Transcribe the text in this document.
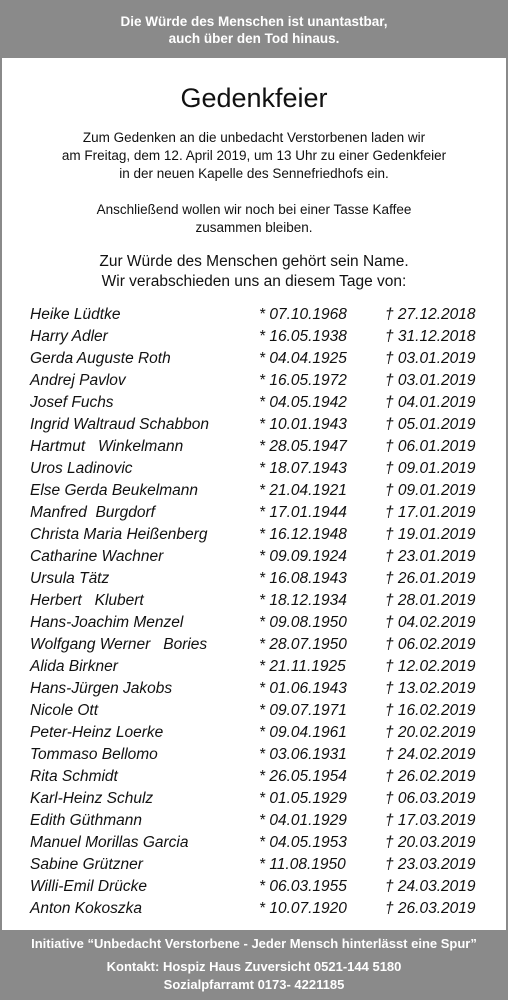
Die Würde des Menschen ist unantastbar,
auch über den Tod hinaus.
Gedenkfeier
Zum Gedenken an die unbedacht Verstorbenen laden wir
am Freitag, dem 12. April 2019, um 13 Uhr zu einer Gedenkfeier
in der neuen Kapelle des Sennefriedhofs ein.
Anschließend wollen wir noch bei einer Tasse Kaffee
zusammen bleiben.
Zur Würde des Menschen gehört sein Name.
Wir verabschieden uns an diesem Tage von:
Heike Lüdtke	* 07.10.1968 † 27.12.2018
Harry Adler	* 16.05.1938 † 31.12.2018
Gerda Auguste Roth	* 04.04.1925 † 03.01.2019
Andrej Pavlov	* 16.05.1972 † 03.01.2019
Josef Fuchs	* 04.05.1942 † 04.01.2019
Ingrid Waltraud Schabbon	* 10.01.1943 † 05.01.2019
Hartmut   Winkelmann	* 28.05.1947 † 06.01.2019
Uros Ladinovic	* 18.07.1943 † 09.01.2019
Else Gerda Beukelmann	* 21.04.1921 † 09.01.2019
Manfred  Burgdorf	* 17.01.1944 † 17.01.2019
Christa Maria Heißenberg	* 16.12.1948 † 19.01.2019
Catharine Wachner	* 09.09.1924 † 23.01.2019
Ursula Tätz	* 16.08.1943 † 26.01.2019
Herbert   Klubert	* 18.12.1934 † 28.01.2019
Hans-Joachim Menzel	* 09.08.1950 † 04.02.2019
Wolfgang Werner   Bories	* 28.07.1950 † 06.02.2019
Alida Birkner	* 21.11.1925	† 12.02.2019
Hans-Jürgen Jakobs	* 01.06.1943 † 13.02.2019
Nicole Ott	* 09.07.1971 † 16.02.2019
Peter-Heinz Loerke	* 09.04.1961 † 20.02.2019
Tommaso Bellomo	* 03.06.1931 † 24.02.2019
Rita Schmidt	* 26.05.1954 † 26.02.2019
Karl-Heinz Schulz	* 01.05.1929 † 06.03.2019
Edith Güthmann	* 04.01.1929 † 17.03.2019
Manuel Morillas Garcia	* 04.05.1953 † 20.03.2019
Sabine Grützner	* 11.08.1950	† 23.03.2019
Willi-Emil Drücke	* 06.03.1955 † 24.03.2019
Anton Kokoszka	* 10.07.1920 † 26.03.2019
Initiative “Unbedacht Verstorbene - Jeder Mensch hinterlässt eine Spur”
Kontakt: Hospiz Haus Zuversicht 0521-144 5180
Sozialpfarramt 0173- 4221185
